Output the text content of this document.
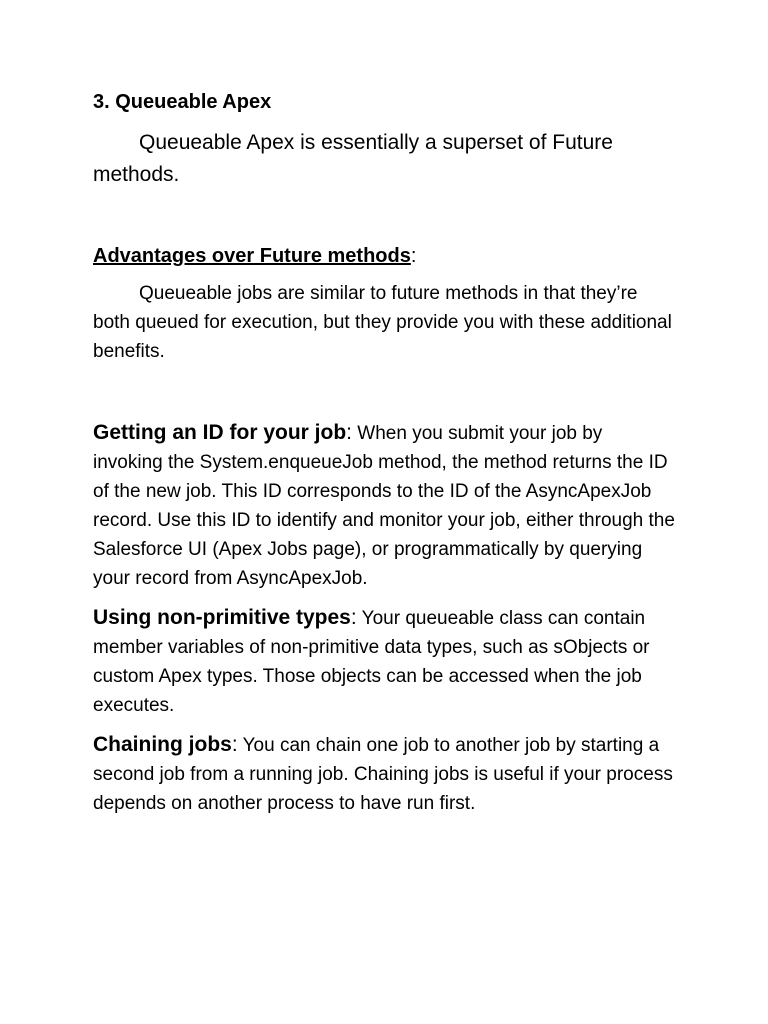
3. Queueable Apex

Queueable Apex is essentially a superset of Future methods.

Advantages over Future methods:

Queueable jobs are similar to future methods in that they’re both queued for execution, but they provide you with these additional benefits.

Getting an ID for your job: When you submit your job by invoking the System.enqueueJob method, the method returns the ID of the new job. This ID corresponds to the ID of the AsyncApexJob record. Use this ID to identify and monitor your job, either through the Salesforce UI (Apex Jobs page), or programmatically by querying your record from AsyncApexJob.

Using non-primitive types: Your queueable class can contain member variables of non-primitive data types, such as sObjects or custom Apex types. Those objects can be accessed when the job executes.

Chaining jobs: You can chain one job to another job by starting a second job from a running job. Chaining jobs is useful if your process depends on another process to have run first.
